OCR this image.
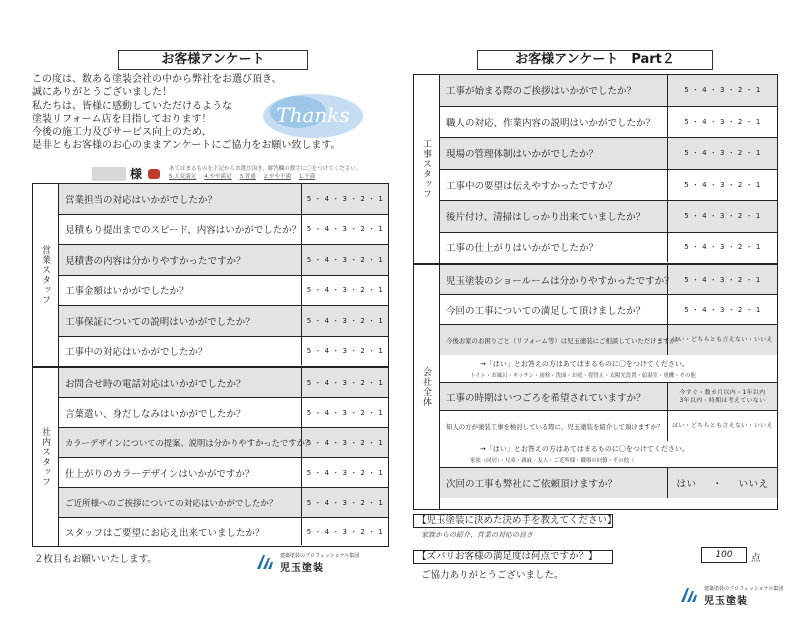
お客様アンケート
この度は、数ある塗装会社の中から弊社をお選び頂き、
誠にありがとうございました！
私たちは、皆様に感動していただけるような
塗装リフォーム店を目指しております！
今後の施工力及びサービス向上のため、
是非ともお客様のお心のままアンケートにご協力をお願い致します。
Thanks
様	あてはまるものを下記からお選び頂き、解答欄の数字に〇をつけてください。
5.大変満足 4.やや満足 3.普通 2.やや不満 1.不満
営業スタッフ
営業担当の対応はいかがでしたか？	5 ・ 4 ・ 3 ・ 2 ・ 1
見積もり提出までのスピード、内容はいかがでしたか？ 5 ・ 4 ・ 3 ・ 2 ・ 1
見積書の内容は分かりやすかったですか？	5 ・ 4 ・ 3 ・ 2 ・ 1
工事金額はいかがでしたか？	5 ・ 4 ・ 3 ・ 2 ・ 1
工事保証についての説明はいかがでしたか？	5 ・ 4 ・ 3 ・ 2 ・ 1
工事中の対応はいかがでしたか？	5 ・ 4 ・ 3 ・ 2 ・ 1
社内スタッフ
お問合せ時の電話対応はいかがでしたか？	5 ・ 4 ・ 3 ・ 2 ・ 1
言葉遣い、身だしなみはいかがでしたか？	5 ・ 4 ・ 3 ・ 2 ・ 1
カラーデザインについての提案、説明は分かりやすかったですか？
5 ・ 4 ・ 3 ・ 2 ・ 1
仕上がりのカラーデザインはいかがですか？	5 ・ 4 ・ 3 ・ 2 ・ 1
ご近所様へのご挨拶についての対応はいかがでしたか？	5 ・ 4 ・ 3 ・ 2 ・ 1
スタッフはご要望にお応え出来ていましたか？	5 ・ 4 ・ 3 ・ 2 ・ 1
２枚目もお願いいたします。	建築塗装のプロフェッショナル集団
児玉塗装
お客様アンケート　Part２
工事スタッフ
工事が始まる際のご挨拶はいかがでしたか？	5 ・ 4 ・ 3 ・ 2 ・ 1
職人の対応、作業内容の説明はいかがでしたか？	5 ・ 4 ・ 3 ・ 2 ・ 1
現場の管理体制はいかがでしたか？	5 ・ 4 ・ 3 ・ 2 ・ 1
工事中の要望は伝えやすかったですか？	5 ・ 4 ・ 3 ・ 2 ・ 1
後片付け、清掃はしっかり出来ていましたか？	5 ・ 4 ・ 3 ・ 2 ・ 1
工事の仕上がりはいかがでしたか？	5 ・ 4 ・ 3 ・ 2 ・ 1
会社全体
児玉塗装のショールームは分かりやすかったですか？ 5 ・ 4 ・ 3 ・ 2 ・ 1
今回の工事についての満足して頂けましたか？	5 ・ 4 ・ 3 ・ 2 ・ 1
今後お家のお困りごと（リフォーム等）は児玉塗装にご相談していただけますか？
はい・どちらとも言えない・いいえ
→「はい」とお答えの方はあてはまるものに〇をつけてください。
トイレ・お風呂・キッチン・雨栓・洗面・お庭・畳替え・太陽光設置・給湯室・電機・その他
工事の時期はいつごろを希望されていますか？	今すぐ・数カ月以内・1年以内
3年以内・時期は考えていない
知人の方が塗装工事を検討している際に、児玉塗装を紹介して頂けますか？ はい・どちらとも言えない・いいえ
→「はい」とお答えの方はあてはまるものに〇をつけてください。
家族（同居）・兄弟・親戚・友人・ご近所様・職場の同僚・その他（
次回の工事も弊社にご依頼頂けますか？	はい ・ いいえ
【児玉塗装に決めた決め手を教えてください】
家族からの紹介、営業の対応の良さ
【ズバリお客様の満足度は何点ですか？】	100	点
ご協力ありがとうございました。
建築塗装のプロフェッショナル集団
児玉塗装
